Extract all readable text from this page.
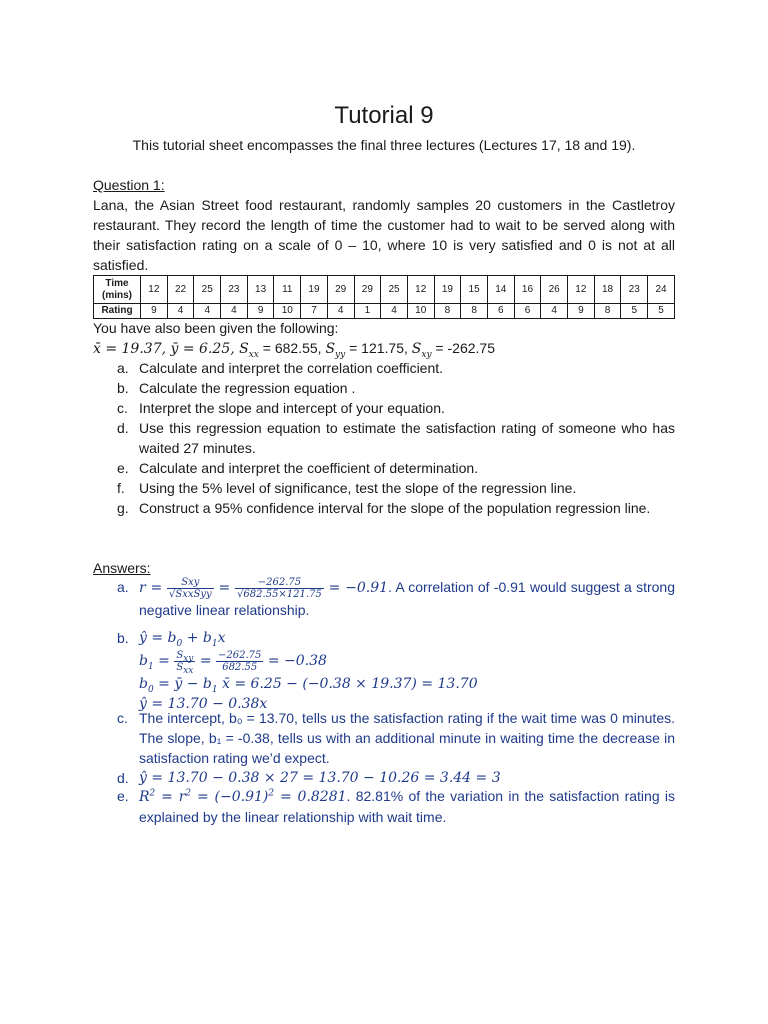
Tutorial 9
This tutorial sheet encompasses the final three lectures (Lectures 17, 18 and 19).
Question 1:
Lana, the Asian Street food restaurant, randomly samples 20 customers in the Castletroy restaurant. They record the length of time the customer had to wait to be served along with their satisfaction rating on a scale of 0 – 10, where 10 is very satisfied and 0 is not at all satisfied.
Time (mins)	12	22	25	23	13	11	19	29	29	25	12	19	15	14	16	26	12	18	23	24
Rating	9	4	4	4	9	10	7	4	1	4	10	8	8	6	6	4	9	8	5	5
You have also been given the following:
x̄ = 19.37, ȳ = 6.25, $S_{xx} = 682.55$, $S_{yy} = 121.75$, $S_{xy} = -262.75$
a. Calculate and interpret the correlation coefficient.
b. Calculate the regression equation .
c. Interpret the slope and intercept of your equation.
d. Use this regression equation to estimate the satisfaction rating of someone who has waited 27 minutes.
e. Calculate and interpret the coefficient of determination.
f. Using the 5% level of significance, test the slope of the regression line.
g. Construct a 95% confidence interval for the slope of the population regression line.
Answers:
a. $r = \frac{\text{Sxy}}{\text{√SxxSyy}} = \frac{-262.75}{√682.55\times 121.75} = -0.91$. A correlation of -0.91 would suggest a strong negative linear relationship.
b. ŷ = $b_0 + b_1x$
$b_1 = \frac{S_{xy}}{S_{xx}} = \frac{-262.75}{682.55} = -0.38$
$b_0$ = ȳ − $b_1$ x̄ = 6.25 − (−0.38 × 19.37) = 13.70
ŷ = 13.70 − 0.38x
c. The intercept, b₀ = 13.70, tells us the satisfaction rating if the wait time was 0 minutes. The slope, b₁ = -0.38, tells us with an additional minute in waiting time the decrease in satisfaction rating we’d expect.
d. ŷ = 13.70 − 0.38 × 27 = 13.70 − 10.26 = 3.44 = 3
e. $R^2 = r^2 = (-0.91)^2 = 0.8281$. 82.81% of the variation in the satisfaction rating is explained by the linear relationship with wait time.
